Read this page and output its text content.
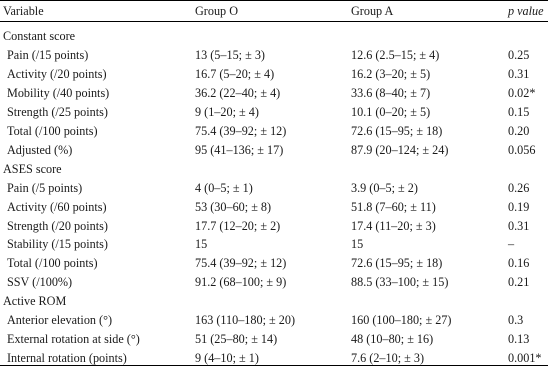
Variable	Group O	Group A	p value
Constant score
Pain (/15 points)	13 (5–15; ± 3)	12.6 (2.5–15; ± 4)	0.25
Activity (/20 points)	16.7 (5–20; ± 4)	16.2 (3–20; ± 5)	0.31
Mobility (/40 points)	36.2 (22–40; ± 4)	33.6 (8–40; ± 7)	0.02*
Strength (/25 points)	9 (1–20; ± 4)	10.1 (0–20; ± 5)	0.15
Total (/100 points)	75.4 (39–92; ± 12)	72.6 (15–95; ± 18)	0.20
Adjusted (%)	95 (41–136; ± 17)	87.9 (20–124; ± 24)	0.056
ASES score
Pain (/5 points)	4 (0–5; ± 1)	3.9 (0–5; ± 2)	0.26
Activity (/60 points)	53 (30–60; ± 8)	51.8 (7–60; ± 11)	0.19
Strength (/20 points)	17.7 (12–20; ± 2)	17.4 (11–20; ± 3)	0.31
Stability (/15 points)	15	15	–
Total (/100 points)	75.4 (39–92; ± 12)	72.6 (15–95; ± 18)	0.16
SSV (/100%)	91.2 (68–100; ± 9)	88.5 (33–100; ± 15)	0.21
Active ROM
Anterior elevation (°)	163 (110–180; ± 20)	160 (100–180; ± 27)	0.3
External rotation at side (°)	51 (25–80; ± 14)	48 (10–80; ± 16)	0.13
Internal rotation (points)	9 (4–10; ± 1)	7.6 (2–10; ± 3)	0.001*
